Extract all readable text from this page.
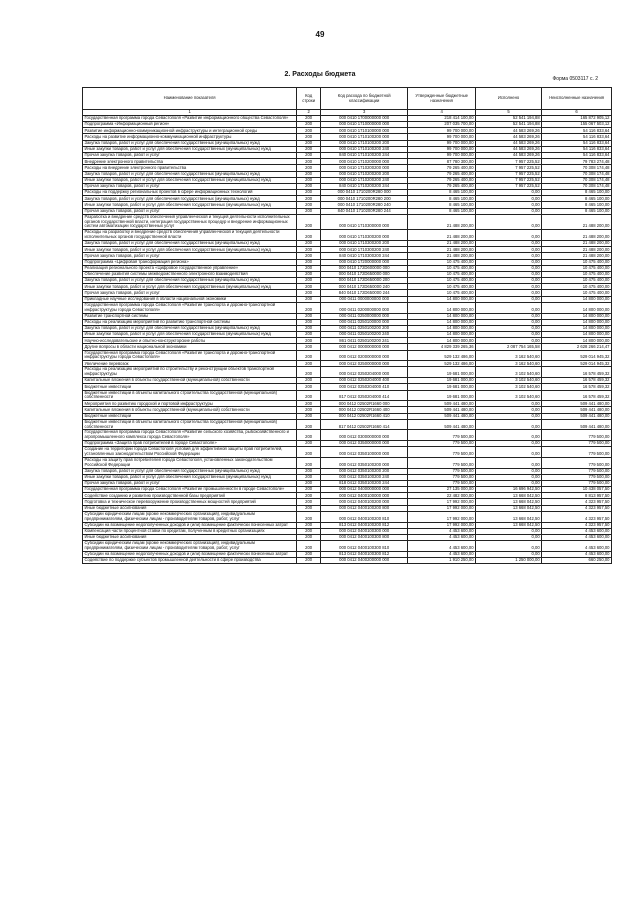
49
2. Расходы бюджета
Форма 0503117 с. 2
Наименование показателя	Код строки	Код расхода по бюджетной классификации	Утвержденные бюджетные назначения	Исполнено	Неисполненные назначения
1	2	3	4	5	6
Государственная программа города Севастополя «Развитие информационного общества Севастополя»	200	000 0410 1700000000 000	218 414 100,00	52 541 194,88	165 872 905,12
Подпрограмма «Информационный регион»	200	000 0410 1710000000 000	207 035 700,00	52 541 194,88	155 067 503,12
Развитие информационно-коммуникационной инфраструктуры и интеграционной среды	200	000 0410 1710100000 000	99 700 000,00	44 583 269,26	54 116 833,64
Расходы на развитие информационно-коммуникационной инфраструктуры	200	000 0410 1710100200 000	99 700 000,00	44 583 269,26	54 116 833,64
Закупка товаров, работ и услуг для обеспечения государственных (муниципальных) нужд	200	000 0410 1710100200 200	99 700 000,00	44 583 269,26	54 116 833,64
Иные закупки товаров, работ и услуг для обеспечения государственных (муниципальных) нужд	200	000 0410 1710100200 240	99 700 000,00	44 583 269,26	54 116 833,64
Прочая закупка товаров, работ и услуг	200	840 0410 1710100200 244	99 700 000,00	44 583 269,26	54 116 833,64
Внедрение электронного правительства	200	000 0410 1710200000 000	87 780 300,00	7 957 225,52	79 783 274,48
Расходы на внедрение электронного правительства	200	000 0410 1710200200 000	79 265 400,00	7 957 225,52	70 308 174,48
Закупка товаров, работ и услуг для обеспечения государственных (муниципальных) нужд	200	000 0410 1710200200 200	79 265 400,00	7 957 225,52	70 308 174,48
Иные закупки товаров, работ и услуг для обеспечения государственных (муниципальных) нужд	200	000 0410 1710200200 240	79 265 400,00	7 957 225,52	70 308 174,48
Прочая закупка товаров, работ и услуг	200	840 0410 1710200200 244	79 265 400,00	7 957 225,52	70 308 174,48
Расходы на поддержку региональных проектов в сфере информационных технологий	200	000 0410 1710200R280 000	8 465 100,00	0,00	8 465 100,00
Закупка товаров, работ и услуг для обеспечения государственных (муниципальных) нужд	200	000 0410 1710200R280 200	8 465 100,00	0,00	8 465 100,00
Иные закупки товаров, работ и услуг для обеспечения государственных (муниципальных) нужд	200	000 0410 1710200R280 240	8 465 100,00	0,00	8 465 100,00
Прочая закупка товаров, работ и услуг	200	840 0410 1710200R280 244	8 465 100,00	0,00	8 465 100,00
Разработка и внедрение средств обеспечения управленческой и текущей деятельности исполнительных органов государственной власти, интеграция государственных процедур и внедрение информационных систем автоматизации государственных услуг	200	000 0410 1710300000 000	21 488 200,00	0,00	21 488 200,00
Расходы на разработку и внедрение средств обеспечения управленческой и текущей деятельности исполнительных органов государственной власти	200	000 0410 1710300200 000	21 488 200,00	0,00	21 488 200,00
Закупка товаров, работ и услуг для обеспечения государственных (муниципальных) нужд	200	000 0410 1710300200 200	21 488 200,00	0,00	21 488 200,00
Иные закупки товаров, работ и услуг для обеспечения государственных (муниципальных) нужд	200	000 0410 1710300200 240	21 488 200,00	0,00	21 488 200,00
Прочая закупка товаров, работ и услуг	200	840 0410 1710300200 244	21 488 200,00	0,00	21 488 200,00
Подпрограмма «Цифровая трансформация региона»	200	000 0410 1720000000 000	10 475 400,00	0,00	10 475 400,00
Реализация регионального проекта «Цифровое государственное управление»	200	000 0410 172D600000 000	10 475 400,00	0,00	10 475 400,00
Обеспечение развития системы межведомственного электронного взаимодействия	200	000 0410 172D650000 000	10 475 400,00	0,00	10 475 400,00
Закупка товаров, работ и услуг для обеспечения государственных (муниципальных) нужд	200	000 0410 172D650000 200	10 475 400,00	0,00	10 475 400,00
Иные закупки товаров, работ и услуг для обеспечения государственных (муниципальных) нужд	200	000 0410 172D650000 240	10 475 400,00	0,00	10 475 400,00
Прочая закупка товаров, работ и услуг	200	840 0410 172D650000 244	10 475 400,00	0,00	10 475 400,00
Прикладные научные исследования в области национальной экономики	200	000 0411 0000000000 000	14 800 000,00	0,00	14 800 000,00
Государственная программа города Севастополя «Развитие транспорта и дорожно-транспортной инфраструктуры города Севастополя»	200	000 0411 0200000000 000	14 800 000,00	0,00	14 800 000,00
Развитие транспортной системы	200	000 0411 0250000000 000	14 800 000,00	0,00	14 800 000,00
Расходы на реализацию мероприятий по развитию транспортной системы	200	000 0411 0250100000 000	14 800 000,00	0,00	14 800 000,00
Закупка товаров, работ и услуг для обеспечения государственных (муниципальных) нужд	200	000 0411 0250100200 200	14 800 000,00	0,00	14 800 000,00
Иные закупки товаров, работ и услуг для обеспечения государственных (муниципальных) нужд	200	000 0411 0250100200 240	14 800 000,00	0,00	14 800 000,00
Научно-исследовательские и опытно-конструкторские работы	200	861 0411 0250100200 241	14 800 000,00	0,00	14 800 000,00
Другие вопросы в области национальной экономики	200	000 0412 0000000000 000	4 829 339 265,36	2 087 754 165,58	2 628 266 214,47
Государственная программа города Севастополя «Развитие транспорта и дорожно-транспортной инфраструктуры города Севастополя»	200	000 0412 0200000000 000	529 132 486,00	3 162 540,60	529 014 945,32
Увеличение перевозок	200	000 0412 0250000000 000	529 132 486,00	3 162 540,60	529 014 945,32
Расходы на реализацию мероприятий по строительству и реконструкции объектов транспортной инфраструктуры	200	000 0412 0250204000 000	19 681 000,00	3 102 540,60	16 578 459,32
Капитальные вложения в объекты государственной (муниципальной) собственности	200	000 0412 0250204000 400	19 681 000,00	3 102 540,60	16 578 459,32
Бюджетные инвестиции	200	000 0412 0250204000 410	19 681 000,00	3 102 540,60	16 578 459,32
Бюджетные инвестиции в объекты капитального строительства государственной (муниципальной) собственности	200	817 0412 0250204000 414	19 681 000,00	3 102 540,60	16 578 459,32
Мероприятия по развитию городской и портовой инфраструктуры	200	000 0412 02502R1660 000	509 441 480,00	0,00	509 441 480,00
Капитальные вложения в объекты государственной (муниципальной) собственности	200	000 0412 02502R1660 400	509 441 480,00	0,00	509 441 480,00
Бюджетные инвестиции	200	000 0412 02502R1660 410	509 441 480,00	0,00	509 441 480,00
Бюджетные инвестиции в объекты капитального строительства государственной (муниципальной) собственности	200	817 0412 02502R1660 414	509 441 480,00	0,00	509 441 480,00
Государственная программа города Севастополя «Развитие сельского хозяйства, рыбохозяйственного и агропромышленного комплекса города Севастополя»	200	000 0412 0300000000 000	779 500,00	0,00	779 500,00
Подпрограмма «Защита прав потребителей в городе Севастополе»	200	000 0412 0350000000 000	779 500,00	0,00	779 500,00
Создание на территории города Севастополя условий для эффективной защиты прав потребителей, установленных законодательством Российской Федерации	200	000 0412 0350100000 000	779 500,00	0,00	779 500,00
Расходы на защиту прав потребителей города Севастополя, установленных законодательством Российской Федерации	200	000 0412 0350100200 000	779 500,00	0,00	779 500,00
Закупка товаров, работ и услуг для обеспечения государственных (муниципальных) нужд	200	000 0412 0350100200 200	779 500,00	0,00	779 500,00
Иные закупки товаров, работ и услуг для обеспечения государственных (муниципальных) нужд	200	000 0412 0350100200 240	779 500,00	0,00	779 500,00
Прочая закупка товаров, работ и услуг	200	818 0412 0350100200 244	779 500,00	0,00	779 500,00
Государственная программа города Севастополя «Развитие промышленности в городе Севастополе»	200	000 0412 0400000000 000	27 135 000,00	16 696 942,50	10 438 057,50
Содействие созданию и развитию производственной базы предприятий	200	000 0412 0400100000 000	22 482 000,00	13 668 042,50	8 813 957,50
Подготовка и техническое перевооружение производственных мощностей предприятий	200	000 0412 0400100200 000	17 992 000,00	13 668 042,50	4 323 957,50
Иные бюджетные ассигнования	200	000 0412 0400100200 800	17 992 000,00	13 668 042,50	4 323 957,50
Субсидии юридическим лицам (кроме некоммерческих организаций), индивидуальным предпринимателям, физическим лицам - производителям товаров, работ, услуг	200	000 0412 0400100200 810	17 992 000,00	13 668 042,50	4 323 957,50
Субсидии на возмещение недополученных доходов и (или) возмещение фактически понесенных затрат	200	813 0412 0400100200 812	17 992 000,00	13 668 042,50	4 323 957,50
Компенсация части процентной ставки по кредитам, полученным в кредитных организациях	200	000 0412 0400100300 000	4 453 600,00	0,00	4 453 600,00
Иные бюджетные ассигнования	200	000 0412 0400100300 800	4 453 600,00	0,00	4 453 600,00
Субсидии юридическим лицам (кроме некоммерческих организаций), индивидуальным предпринимателям, физическим лицам - производителям товаров, работ, услуг	200	000 0412 0400100300 810	4 453 600,00	0,00	4 453 600,00
Субсидии на возмещение недополученных доходов и (или) возмещение фактически понесенных затрат	200	813 0412 0400100300 812	4 453 600,00	0,00	4 453 600,00
Содействие по поддержке субъектов промышленной деятельности в сфере производства	200	000 0412 0400200000 000	1 910 250,00	1 250 000,00	660 250,00
